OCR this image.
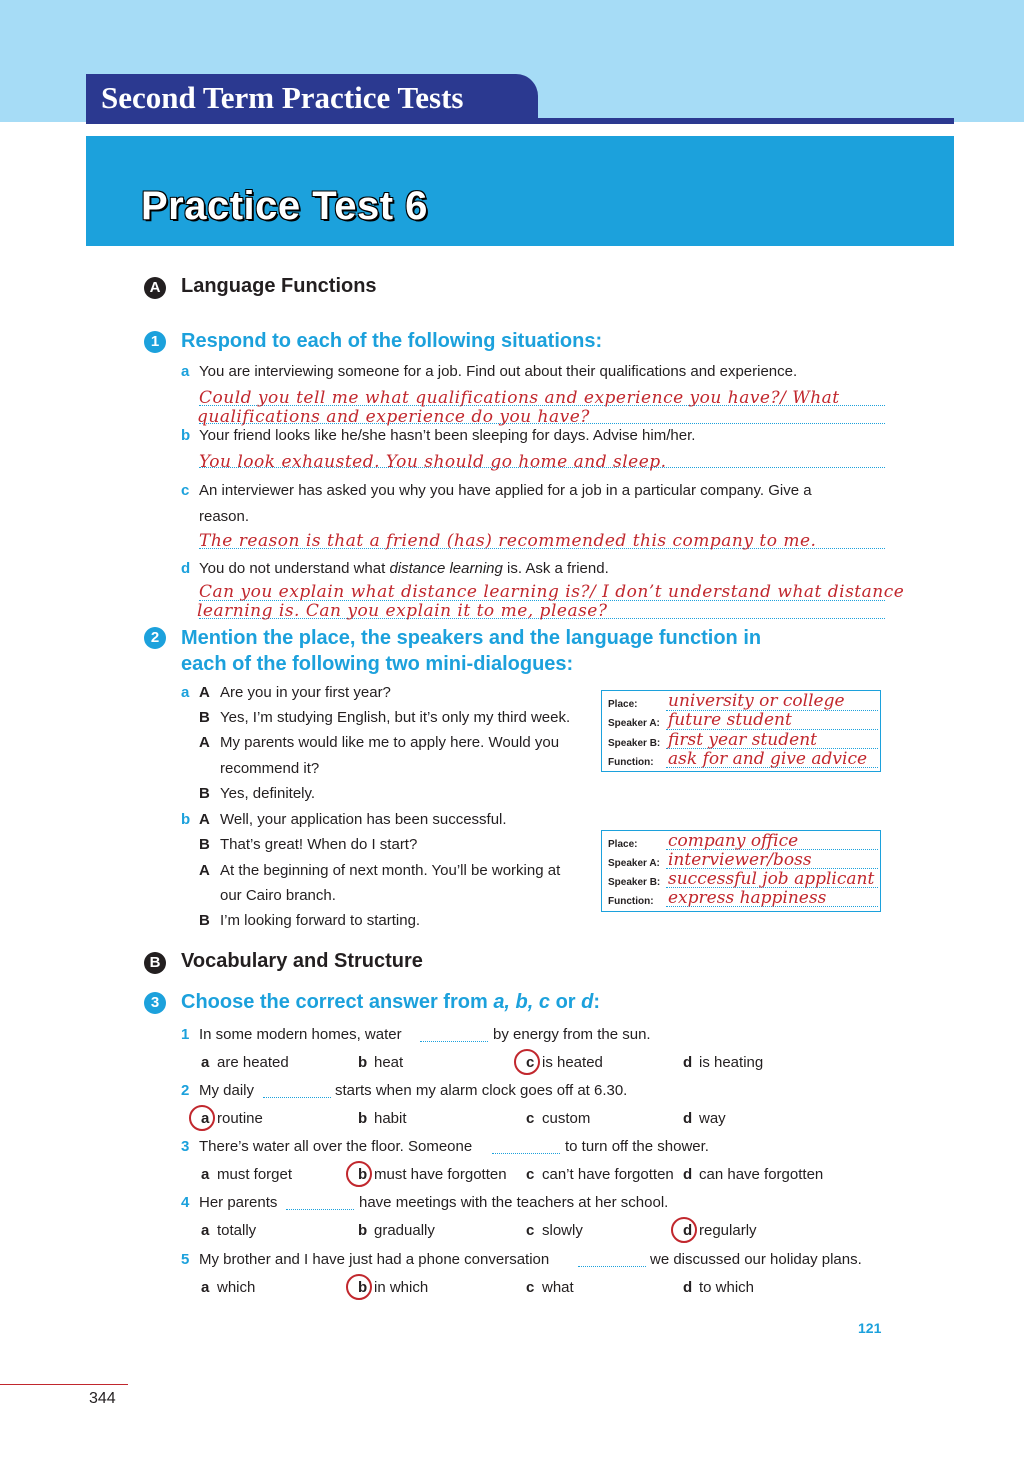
Second Term Practice Tests
Practice Test 6
A Language Functions
1	Respond to each of the following situations:
a You are interviewing someone for a job. Find out about their qualifications and experience.
Could you tell me what qualifications and experience you have?/ What
qualifications and experience do you have?
b Your friend looks like he/she hasn’t been sleeping for days. Advise him/her.
You look exhausted. You should go home and sleep.
c An interviewer has asked you why you have applied for a job in a particular company. Give a
reason.
The reason is that a friend (has) recommended this company to me.
d You do not understand what distance learning is. Ask a friend.
Can you explain what distance learning is?/ I don’t understand what distance
learning is. Can you explain it to me, please?
2	Mention the place, the speakers and the language function in
each of the following two mini-dialogues:
a A Are you in your first year?
B Yes, I’m studying English, but it’s only my third week.
A My parents would like me to apply here. Would you
recommend it?
B Yes, definitely.
Place: university or college
Speaker A: future student
Speaker B: first year student
Function: ask for and give advice
b A Well, your application has been successful.
B That’s great! When do I start?
A At the beginning of next month. You’ll be working at
our Cairo branch.
B I’m looking forward to starting.
Place: company office
Speaker A: interviewer/boss
Speaker B: successful job applicant
Function: express happiness
B Vocabulary and Structure
3	Choose the correct answer from a, b, c or d:
1 In some modern homes, water	by energy from the sun.
a are heated	b heat	c is heated	d is heating
2 My daily	starts when my alarm clock goes off at 6.30.
a routine	b habit	c custom	d way
3 There’s water all over the floor. Someone	to turn off the shower.
a must forget	b must have forgotten c can’t have forgotten d can have forgotten
4 Her parents	have meetings with the teachers at her school.
a totally	b gradually	c slowly	d regularly
5 My brother and I have just had a phone conversation	we discussed our holiday plans.
a which	b in which	c what	d to which
121
344
